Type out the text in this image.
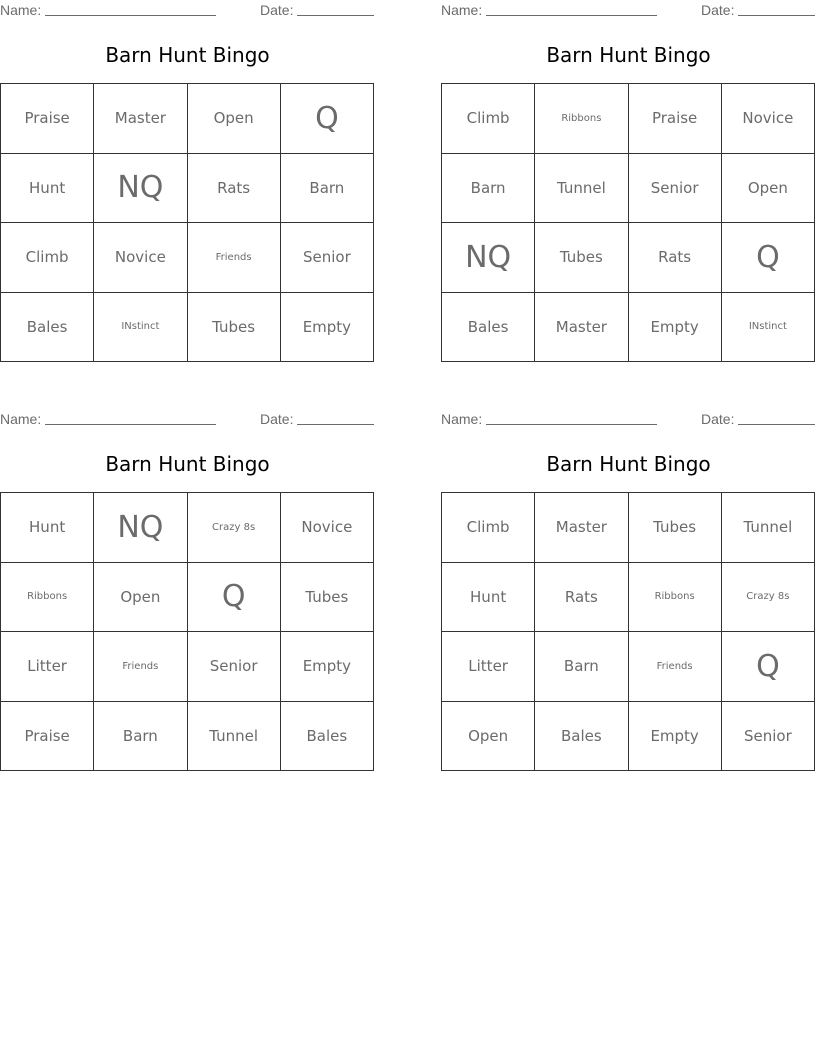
Name:	Date:
Barn Hunt Bingo
Praise	Master	Open	Q
Hunt	NQ	Rats	Barn
Climb	Novice	Friends	Senior
Bales	INstinct	Tubes	Empty
Name:	Date:
Barn Hunt Bingo
Climb	Ribbons	Praise	Novice
Barn	Tunnel	Senior	Open
NQ	Tubes	Rats	Q
Bales	Master	Empty	INstinct
Name:	Date:
Barn Hunt Bingo
Hunt	NQ	Crazy 8s	Novice
Ribbons	Open	Q	Tubes
Litter	Friends	Senior	Empty
Praise	Barn	Tunnel	Bales
Name:	Date:
Barn Hunt Bingo
Climb	Master	Tubes	Tunnel
Hunt	Rats	Ribbons	Crazy 8s
Litter	Barn	Friends	Q
Open	Bales	Empty	Senior
